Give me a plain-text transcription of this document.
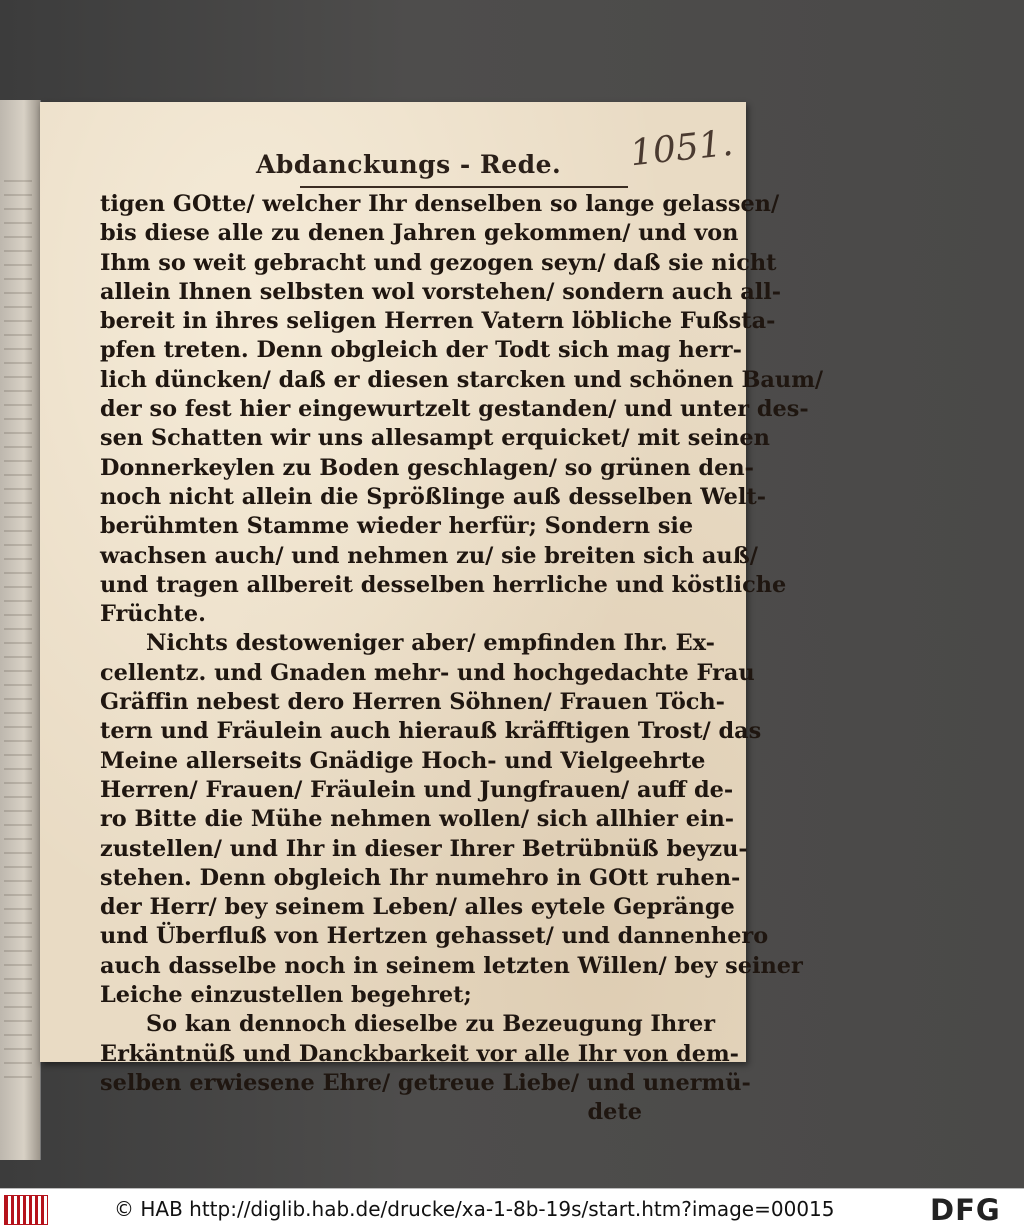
1051.
Abdanckungs - Rede.
tigen GOtte/ welcher Ihr denselben so lange gelassen/
bis diese alle zu denen Jahren gekommen/ und von
Ihm so weit gebracht und gezogen seyn/ daß sie nicht
allein Ihnen selbsten wol vorstehen/ sondern auch all-
bereit in ihres seligen Herren Vatern löbliche Fußsta-
pfen treten. Denn obgleich der Todt sich mag herr-
lich düncken/ daß er diesen starcken und schönen Baum/
der so fest hier eingewurtzelt gestanden/ und unter des-
sen Schatten wir uns allesampt erquicket/ mit seinen
Donnerkeylen zu Boden geschlagen/ so grünen den-
noch nicht allein die Sprößlinge auß desselben Welt-
berühmten Stamme wieder herfür; Sondern sie
wachsen auch/ und nehmen zu/ sie breiten sich auß/
und tragen allbereit desselben herrliche und köstliche
Früchte.
Nichts destoweniger aber/ empfinden Ihr. Ex-
cellentz. und Gnaden mehr- und hochgedachte Frau
Gräffin nebest dero Herren Söhnen/ Frauen Töch-
tern und Fräulein auch hierauß kräfftigen Trost/ das
Meine allerseits Gnädige Hoch- und Vielgeehrte
Herren/ Frauen/ Fräulein und Jungfrauen/ auff de-
ro Bitte die Mühe nehmen wollen/ sich allhier ein-
zustellen/ und Ihr in dieser Ihrer Betrübnüß beyzu-
stehen. Denn obgleich Ihr numehro in GOtt ruhen-
der Herr/ bey seinem Leben/ alles eytele Gepränge
und Überfluß von Hertzen gehasset/ und dannenhero
auch dasselbe noch in seinem letzten Willen/ bey seiner
Leiche einzustellen begehret;
So kan dennoch dieselbe zu Bezeugung Ihrer
Erkäntnüß und Danckbarkeit vor alle Ihr von dem-
selben erwiesene Ehre/ getreue Liebe/ und unermü-
dete
© HAB http://diglib.hab.de/drucke/xa-1-8b-19s/start.htm?image=00015	DFG
